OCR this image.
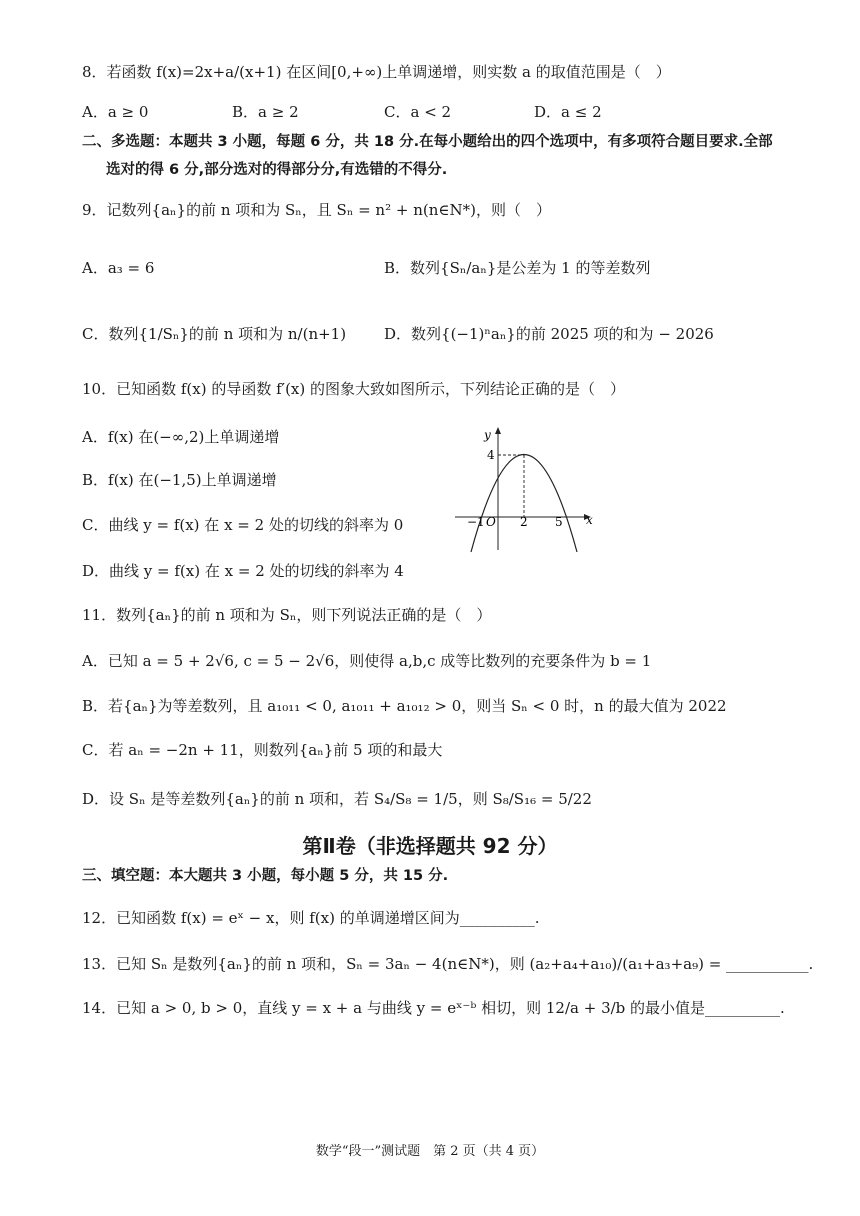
8．若函数 f(x)=2x+a/(x+1) 在区间[0,+∞)上单调递增，则实数 a 的取值范围是（　）
A．a ≥ 0	B．a ≥ 2	C．a < 2	D．a ≤ 2
二、多选题：本题共 3 小题，每题 6 分，共 18 分.在每小题给出的四个选项中，有多项符合题目要求.全部
选对的得 6 分,部分选对的得部分分,有选错的不得分.
9．记数列{aₙ}的前 n 项和为 Sₙ，且 Sₙ = n² + n(n∈N*)，则（　）
A．a₃ = 6	B．数列{Sₙ/aₙ}是公差为 1 的等差数列
C．数列{1/Sₙ}的前 n 项和为 n/(n+1)	D．数列{(−1)ⁿaₙ}的前 2025 项的和为 − 2026
10．已知函数 f(x) 的导函数 f′(x) 的图象大致如图所示，下列结论正确的是（　）
A．f(x) 在(−∞,2)上单调递增
B．f(x) 在(−1,5)上单调递增
C．曲线 y = f(x) 在 x = 2 处的切线的斜率为 0
D．曲线 y = f(x) 在 x = 2 处的切线的斜率为 4
y
x
4
−1 O 2 5
11．数列{aₙ}的前 n 项和为 Sₙ，则下列说法正确的是（　）
A．已知 a = 5 + 2√6, c = 5 − 2√6，则使得 a,b,c 成等比数列的充要条件为 b = 1
B．若{aₙ}为等差数列，且 a₁₀₁₁ < 0, a₁₀₁₁ + a₁₀₁₂ > 0，则当 Sₙ < 0 时，n 的最大值为 2022
C．若 aₙ = −2n + 11，则数列{aₙ}前 5 项的和最大
D．设 Sₙ 是等差数列{aₙ}的前 n 项和，若 S₄/S₈ = 1/5，则 S₈/S₁₆ = 5/22
第Ⅱ卷（非选择题共 92 分）
三、填空题：本大题共 3 小题，每小题 5 分，共 15 分.
12．已知函数 f(x) = eˣ − x，则 f(x) 的单调递增区间为__________.
13．已知 Sₙ 是数列{aₙ}的前 n 项和，Sₙ = 3aₙ − 4(n∈N*)，则 (a₂+a₄+a₁₀)/(a₁+a₃+a₉) = ___________.
14．已知 a > 0, b > 0，直线 y = x + a 与曲线 y = eˣ⁻ᵇ 相切，则 12/a + 3/b 的最小值是__________.
数学“段一”测试题　第 2 页（共 4 页）
